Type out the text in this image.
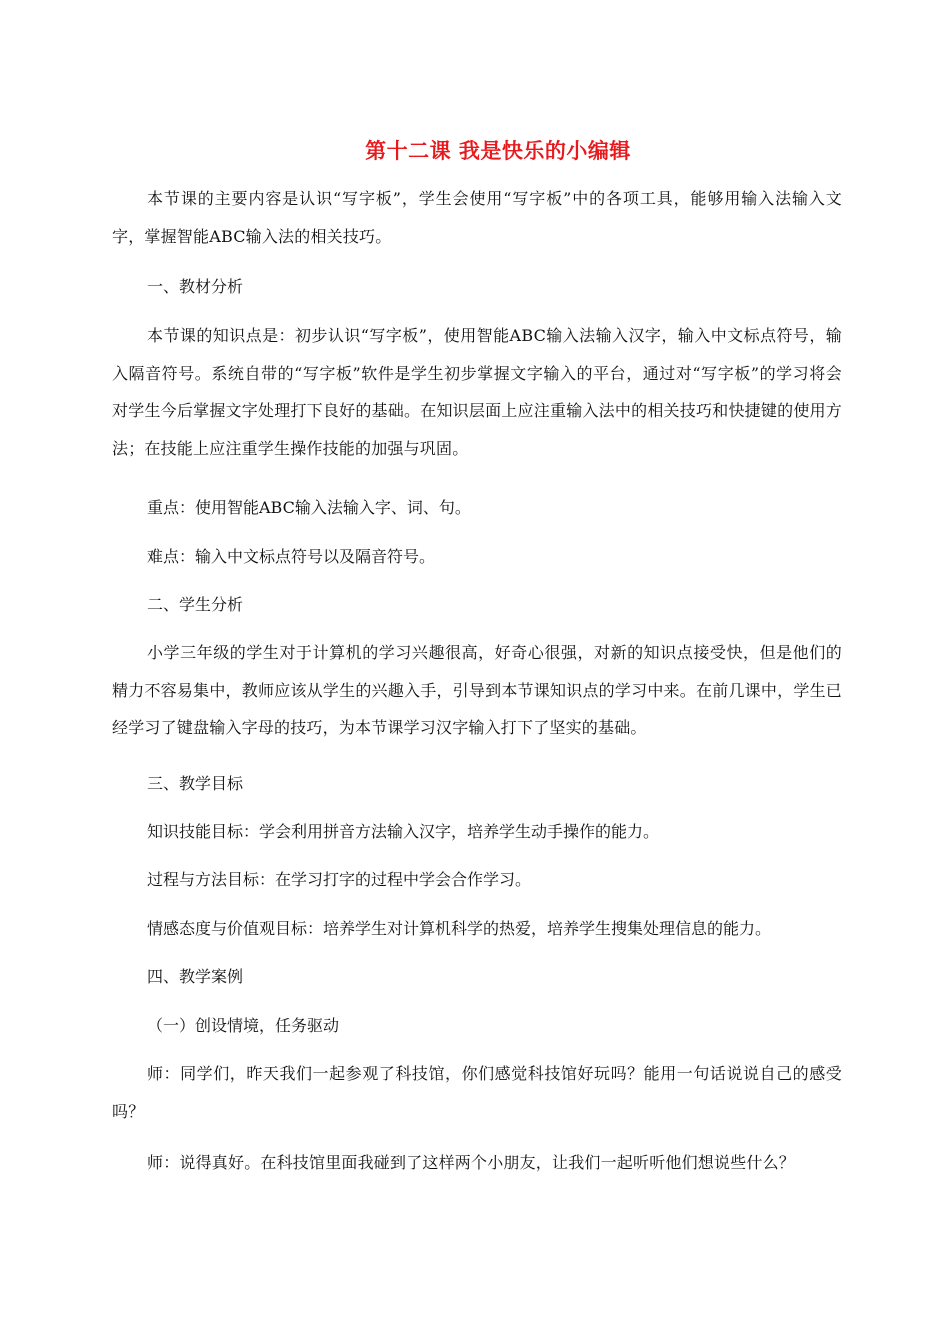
第十二课 我是快乐的小编辑

本节课的主要内容是认识“写字板”，学生会使用“写字板”中的各项工具，能够用输入法输入文字，掌握智能ABC输入法的相关技巧。

一、教材分析

本节课的知识点是：初步认识“写字板”，使用智能ABC输入法输入汉字，输入中文标点符号，输入隔音符号。系统自带的“写字板”软件是学生初步掌握文字输入的平台，通过对“写字板”的学习将会对学生今后掌握文字处理打下良好的基础。在知识层面上应注重输入法中的相关技巧和快捷键的使用方法；在技能上应注重学生操作技能的加强与巩固。

重点：使用智能ABC输入法输入字、词、句。

难点：输入中文标点符号以及隔音符号。

二、学生分析

小学三年级的学生对于计算机的学习兴趣很高，好奇心很强，对新的知识点接受快，但是他们的精力不容易集中，教师应该从学生的兴趣入手，引导到本节课知识点的学习中来。在前几课中，学生已经学习了键盘输入字母的技巧，为本节课学习汉字输入打下了坚实的基础。

三、教学目标

知识技能目标：学会利用拼音方法输入汉字，培养学生动手操作的能力。

过程与方法目标：在学习打字的过程中学会合作学习。

情感态度与价值观目标：培养学生对计算机科学的热爱，培养学生搜集处理信息的能力。

四、教学案例

（一）创设情境，任务驱动

师：同学们，昨天我们一起参观了科技馆，你们感觉科技馆好玩吗？能用一句话说说自己的感受吗？

师：说得真好。在科技馆里面我碰到了这样两个小朋友，让我们一起听听他们想说些什么？
